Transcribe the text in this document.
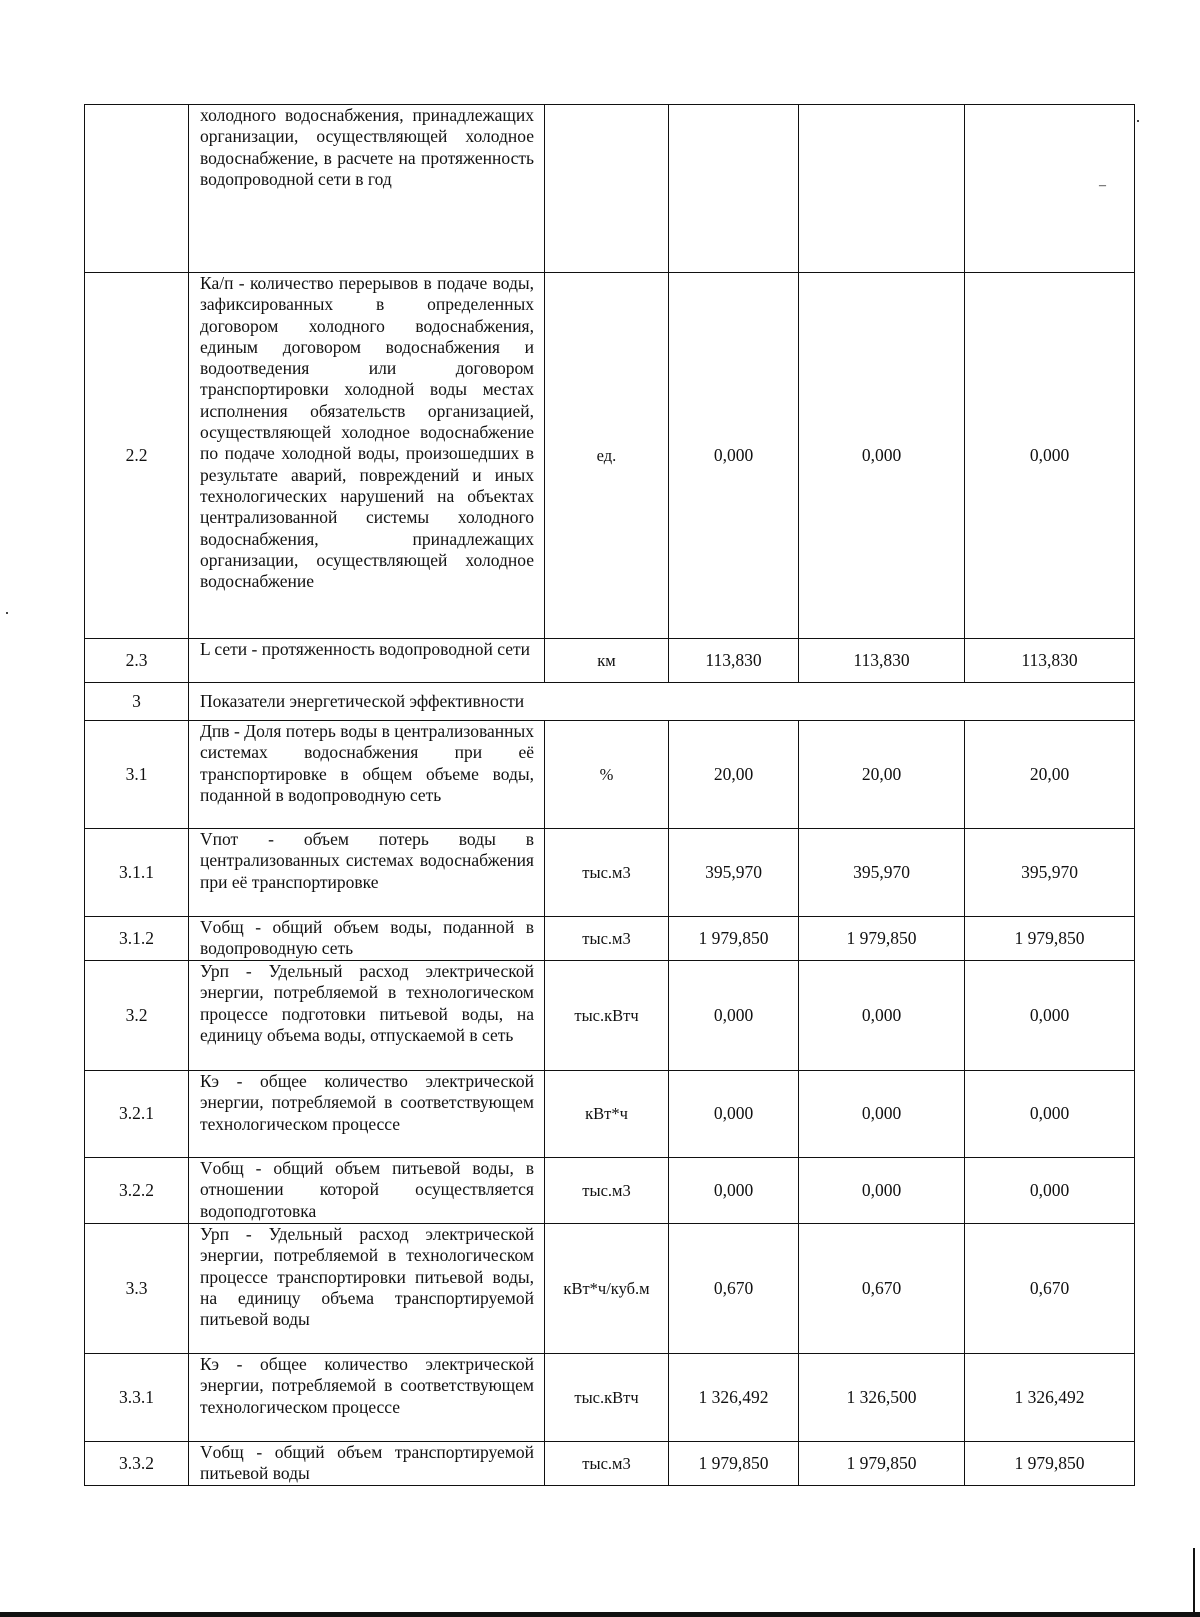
	холодного водоснабжения, принадлежащих организации, осуществляющей холодное водоснабжение, в расчете на протяженность водопроводной сети в год				–

2.2	Ка/п - количество перерывов в подаче воды, зафиксированных в определенных договором холодного водоснабжения, единым договором водоснабжения и водоотведения или договором транспортировки холодной воды местах исполнения обязательств организацией, осуществляющей холодное водоснабжение по подаче холодной воды, произошедших в результате аварий, повреждений и иных технологических нарушений на объектах централизованной системы холодного водоснабжения, принадлежащих организации, осуществляющей холодное водоснабжение	ед.	0,000	0,000	0,000
2.3	L сети - протяженность водопроводной сети	км	113,830	113,830	113,830
3	Показатели энергетической эффективности				
3.1	Дпв - Доля потерь воды в централизованных системах водоснабжения при её транспортировке в общем объеме воды, поданной в водопроводную сеть	%	20,00	20,00	20,00
3.1.1	Vпот - объем потерь воды в централизованных системах водоснабжения при её транспортировке	тыс.м3	395,970	395,970	395,970
3.1.2	Vобщ - общий объем воды, поданной в водопроводную сеть	тыс.м3	1 979,850	1 979,850	1 979,850
3.2	Урп - Удельный расход электрической энергии, потребляемой в технологическом процессе подготовки питьевой воды, на единицу объема воды, отпускаемой в сеть	тыс.кВтч	0,000	0,000	0,000
3.2.1	Кэ - общее количество электрической энергии, потребляемой в соответствующем технологическом процессе	кВт*ч	0,000	0,000	0,000
3.2.2	Vобщ - общий объем питьевой воды, в отношении которой осуществляется водоподготовка	тыс.м3	0,000	0,000	0,000
3.3	Урп - Удельный расход электрической энергии, потребляемой в технологическом процессе транспортировки питьевой воды, на единицу объема транспортируемой питьевой воды	кВт*ч/куб.м	0,670	0,670	0,670
3.3.1	Кэ - общее количество электрической энергии, потребляемой в соответствующем технологическом процессе	тыс.кВтч	1 326,492	1 326,500	1 326,492
3.3.2	Vобщ - общий объем транспортируемой питьевой воды	тыс.м3	1 979,850	1 979,850	1 979,850
